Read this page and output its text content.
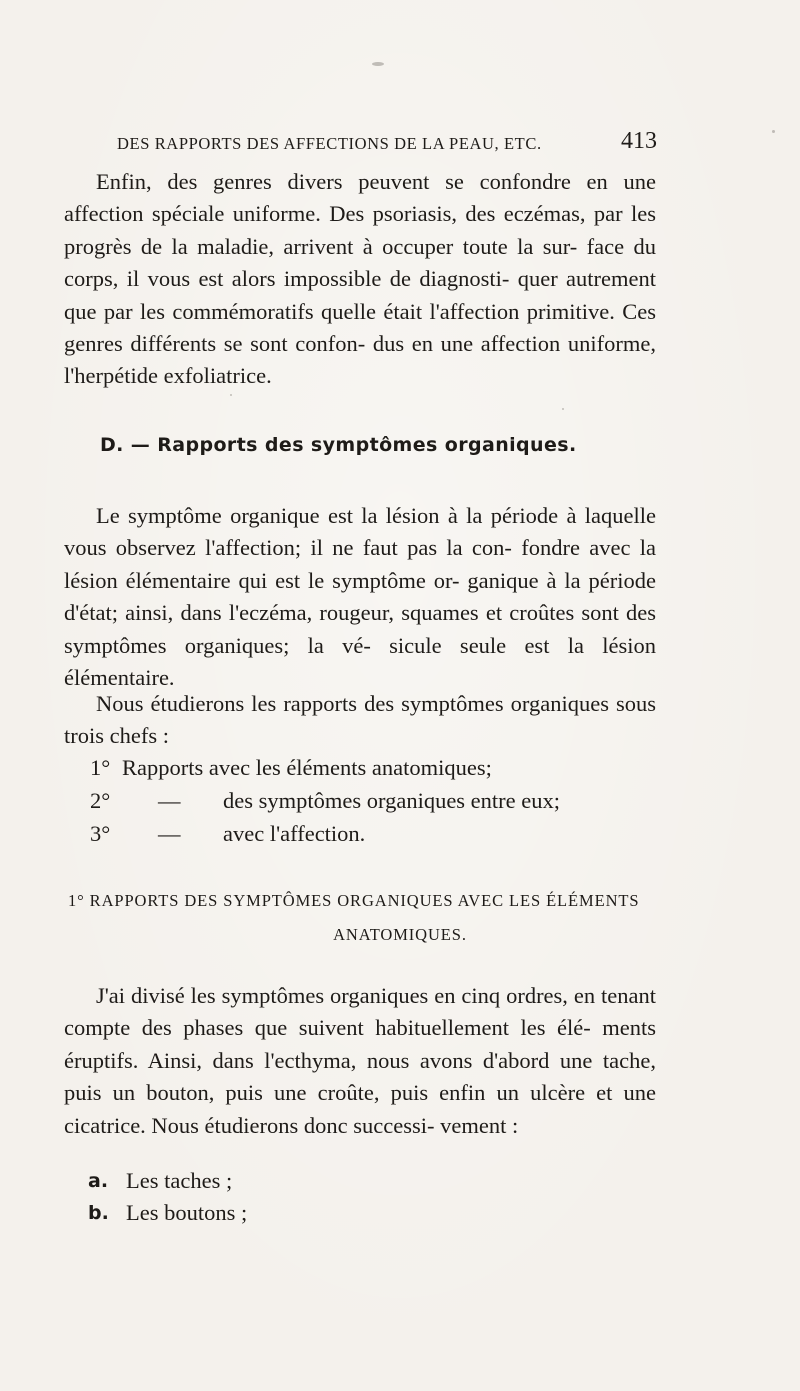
DES RAPPORTS DES AFFECTIONS DE LA PEAU, ETC.	413

Enfin, des genres divers peuvent se confondre en une affection spéciale uniforme. Des psoriasis, des eczémas, par les progrès de la maladie, arrivent à occuper toute la sur- face du corps, il vous est alors impossible de diagnosti- quer autrement que par les commémoratifs quelle était l'affection primitive. Ces genres différents se sont confon- dus en une affection uniforme, l'herpétide exfoliatrice.

D. — Rapports des symptômes organiques.

Le symptôme organique est la lésion à la période à laquelle vous observez l'affection; il ne faut pas la con- fondre avec la lésion élémentaire qui est le symptôme or- ganique à la période d'état; ainsi, dans l'eczéma, rougeur, squames et croûtes sont des symptômes organiques; la vé- sicule seule est la lésion élémentaire.

Nous étudierons les rapports des symptômes organiques sous trois chefs :

1° Rapports avec les éléments anatomiques;
2° — des symptômes organiques entre eux;
3° — avec l'affection.
1° RAPPORTS DES SYMPTÔMES ORGANIQUES AVEC LES ÉLÉMENTS
ANATOMIQUES.

J'ai divisé les symptômes organiques en cinq ordres, en tenant compte des phases que suivent habituellement les élé- ments éruptifs. Ainsi, dans l'ecthyma, nous avons d'abord une tache, puis un bouton, puis une croûte, puis enfin un ulcère et une cicatrice. Nous étudierons donc successi- vement :

a. Les taches ;
b. Les boutons ;
